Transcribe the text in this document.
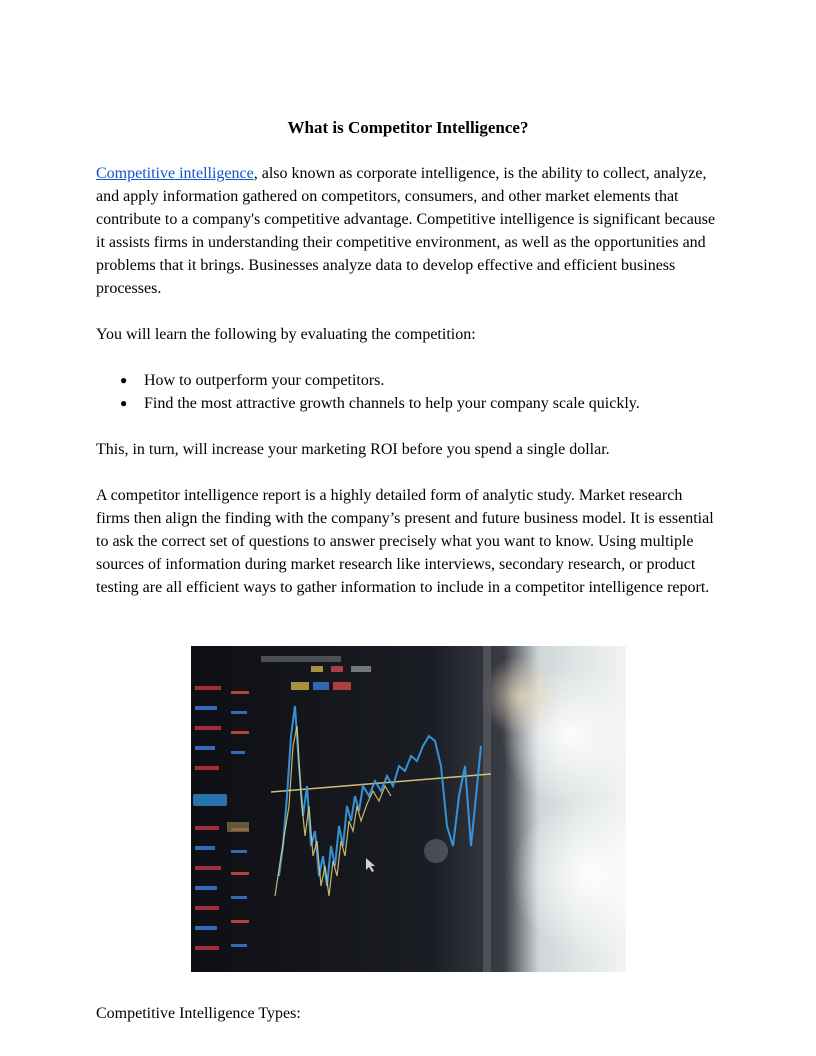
What is Competitor Intelligence?

Competitive intelligence, also known as corporate intelligence, is the ability to collect, analyze, and apply information gathered on competitors, consumers, and other market elements that contribute to a company's competitive advantage. Competitive intelligence is significant because it assists firms in understanding their competitive environment, as well as the opportunities and problems that it brings. Businesses analyze data to develop effective and efficient business processes.

You will learn the following by evaluating the competition:

● How to outperform your competitors.
● Find the most attractive growth channels to help your company scale quickly.

This, in turn, will increase your marketing ROI before you spend a single dollar.

A competitor intelligence report is a highly detailed form of analytic study. Market research firms then align the finding with the company’s present and future business model. It is essential to ask the correct set of questions to answer precisely what you want to know. Using multiple sources of information during market research like interviews, secondary research, or product testing are all efficient ways to gather information to include in a competitor intelligence report.

Competitive Intelligence Types:
